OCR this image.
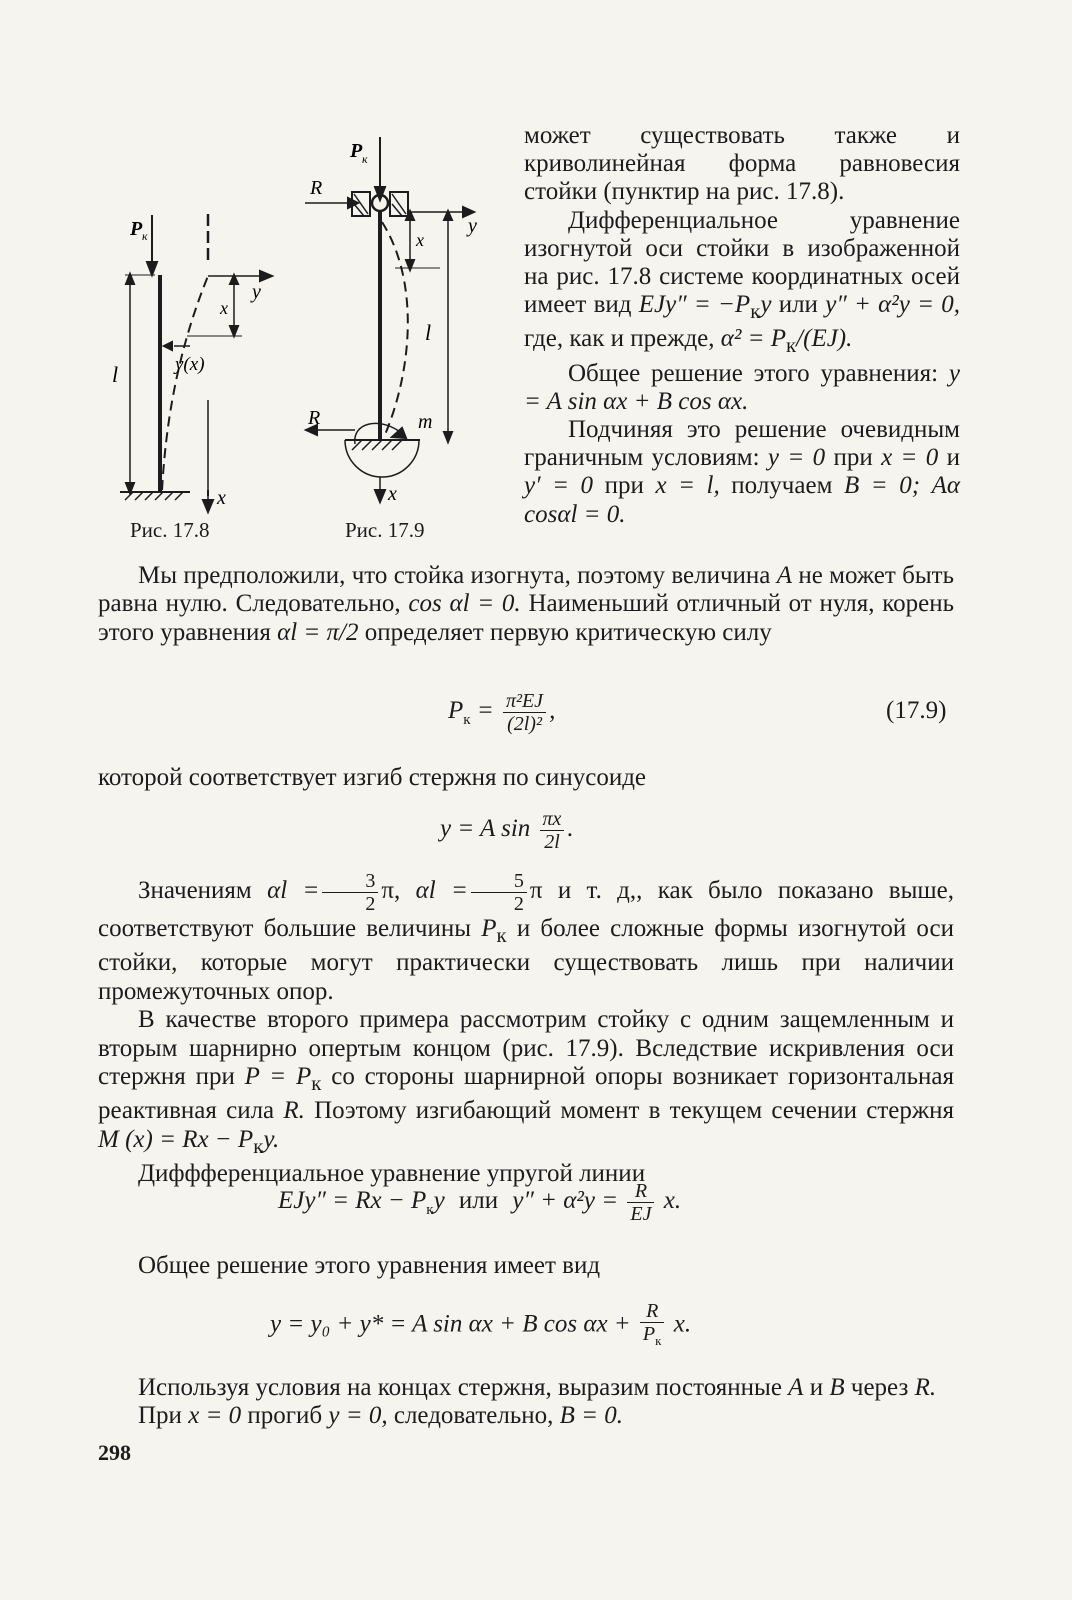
P к
y
x
l
x
y(x)
P к
R
y
x
x
l
R	m
Рис. 17.8	Рис. 17.9

может существовать также и криволинейная форма равновесия стойки (пунктир на рис. 17.8).

Дифференциальное уравнение изогнутой оси стойки в изображенной на рис. 17.8 системе координатных осей имеет вид $EJy'' = -P_кy$ или y″ + α²y = 0, где, как и прежде, $\alpha^2 = P_к/(EJ)$.

Общее решение этого уравнения: y = A sin αx + B cos αx.

Подчиняя это решение очевидным граничным условиям: y = 0 при x = 0 и y′ = 0 при x = l, получаем B = 0; Aα cosαl = 0.

Мы предположили, что стойка изогнута, поэтому величина A не может быть равна нулю. Следовательно, cos αl = 0. Наименьший отличный от нуля, корень этого уравнения αl = π/2 определяет первую критическую силу

$P_к = \frac{\text{π²EJ}}{\text{(2l)²}}$ ,	(17.9)

которой соответствует изгиб стержня по синусоиде

y = A $\sin \frac{\pi x}{2l}$ .

Значениям $\alpha l = \frac{3}{2} \pi$, $\alpha l = \frac{5}{2}$ π и т. д,, как было показано выше, соответствуют большие величины $P_к$ и более сложные формы изогнутой оси стойки, которые могут практически существовать лишь при наличии промежуточных опор.

В качестве второго примера рассмотрим стойку с одним защемленным и вторым шарнирно опертым концом (рис. 17.9). Вследствие искривления оси стержня при $P = P_к$ со стороны шарнирной опоры возникает горизонтальная реактивная сила R. Поэтому изгибающий момент в текущем сечении стержня M $(x) = Rx - P_кy$.

Диффференциальное уравнение упругой линии

$EJy'' = Rx - P_кy$ или $y'' + \alpha^2y = \frac{R}{EJ} x$.

Общее решение этого уравнения имеет вид

y = y₀ + y* = A sin αx + B $\cos \alpha x + \frac{R}{P_к} x$.

Используя условия на концах стержня, выразим постоянные A и B через R.

При x = 0 прогиб y = 0, следовательно, B = 0.

298
